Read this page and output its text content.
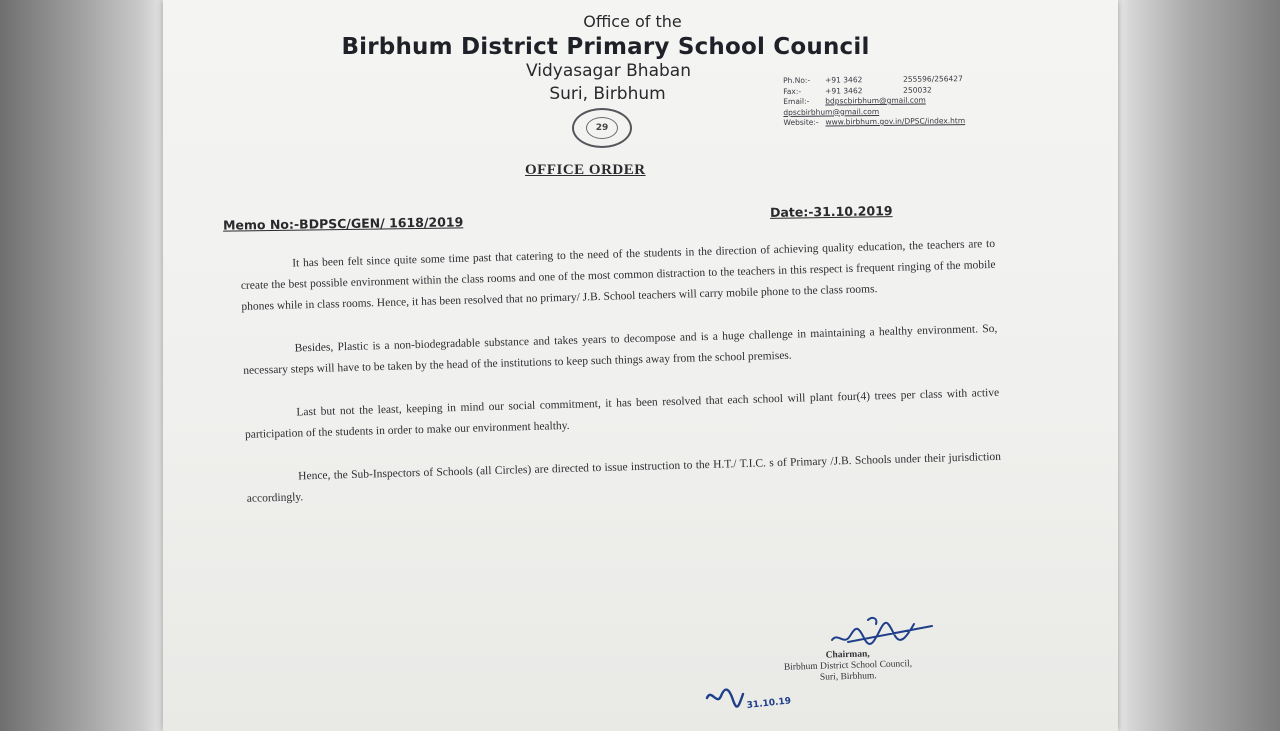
Office of the
Birbhum District Primary School Council
Vidyasagar Bhaban
Suri, Birbhum
Ph.No:- +91 3462	255596/256427
Fax:-	+91 3462	250032
Email:- bdpscbirbhum@gmail.com
dpscbirbhum@gmail.com
Website:- www.birbhum.gov.in/DPSC/index.htm
29
OFFICE ORDER
Memo No:-BDPSC/GEN/ 1618/2019
Date:-31.10.2019

It has been felt since quite some time past that catering to the need of the students in the direction of achieving quality education, the teachers are to create the best possible environment within the class rooms and one of the most common distraction to the teachers in this respect is frequent ringing of the mobile phones while in class rooms. Hence, it has been resolved that no primary/ J.B. School teachers will carry mobile phone to the class rooms.

Besides, Plastic is a non-biodegradable substance and takes years to decompose and is a huge challenge in maintaining a healthy environment. So, necessary steps will have to be taken by the head of the institutions to keep such things away from the school premises.

Last but not the least, keeping in mind our social commitment, it has been resolved that each school will plant four(4) trees per class with active participation of the students in order to make our environment healthy.

Hence, the Sub-Inspectors of Schools (all Circles) are directed to issue instruction to the H.T./ T.I.C. s of Primary /J.B. Schools under their jurisdiction accordingly.

Chairman,
Birbhum District School Council,
Suri, Birbhum.
31.10.19
